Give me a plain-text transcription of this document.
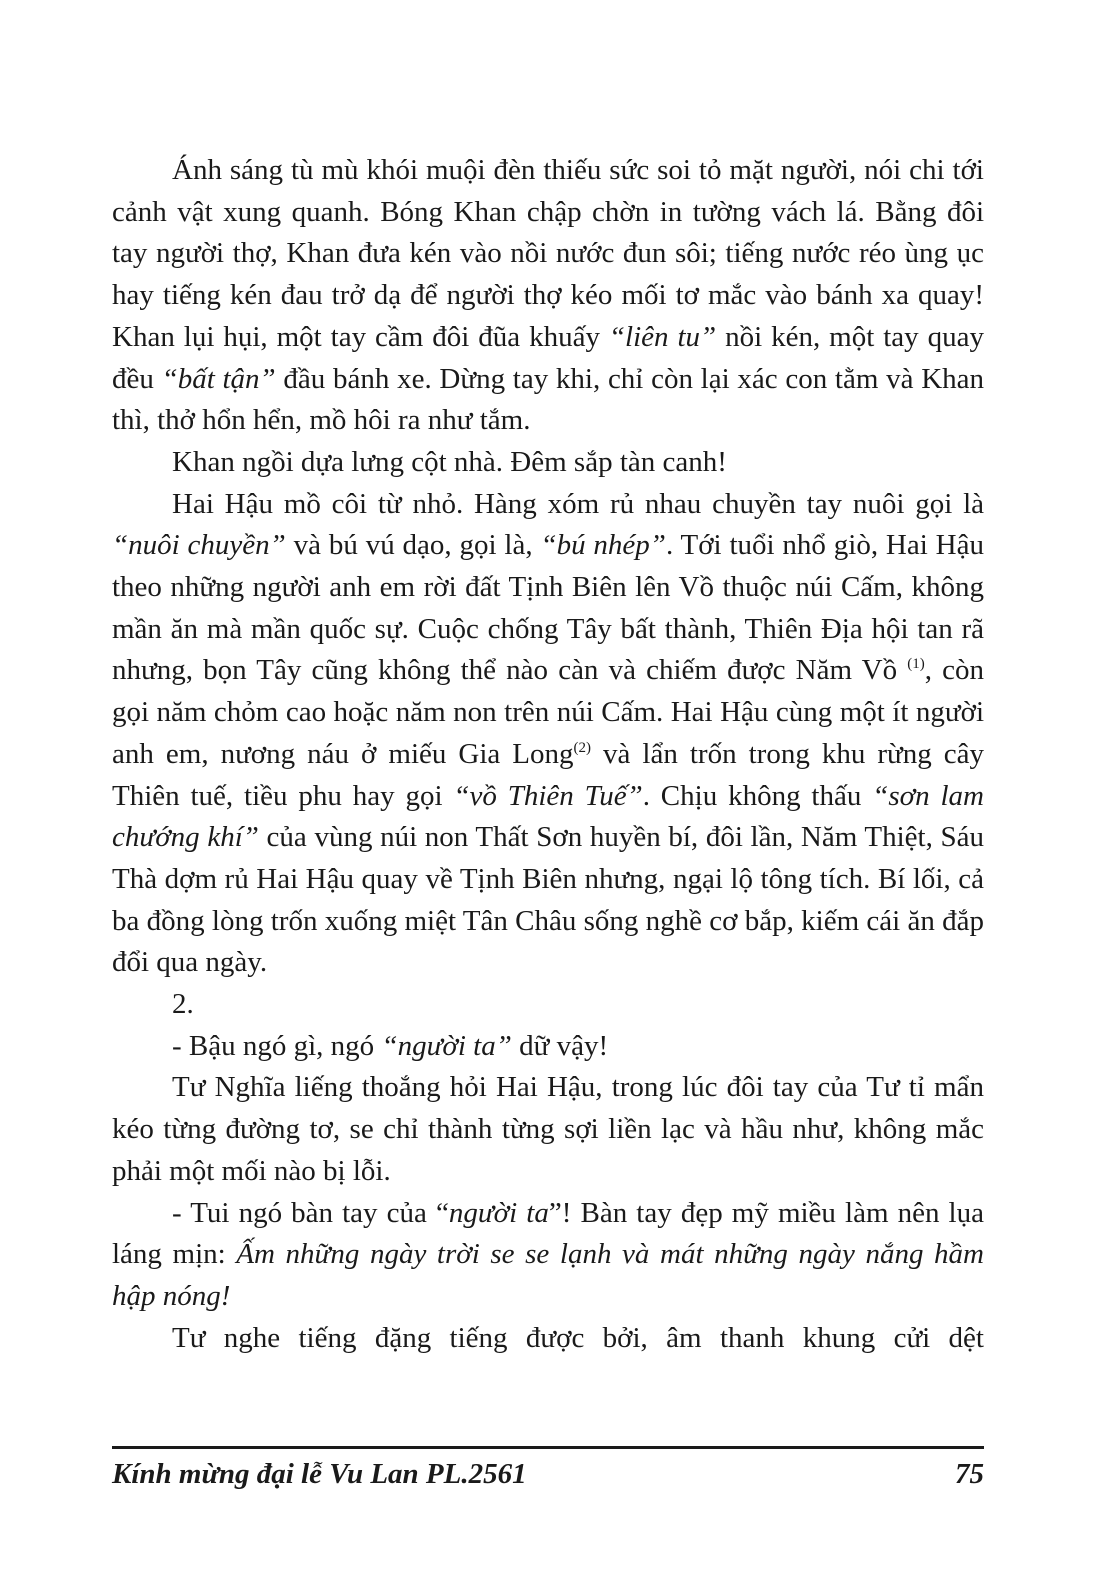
Ánh sáng tù mù khói muội đèn thiếu sức soi tỏ mặt người, nói chi tới cảnh vật xung quanh. Bóng Khan chập chờn in tường vách lá. Bằng đôi tay người thợ, Khan đưa kén vào nồi nước đun sôi; tiếng nước réo ùng ục hay tiếng kén đau trở dạ để người thợ kéo mối tơ mắc vào bánh xa quay! Khan lụi hụi, một tay cầm đôi đũa khuấy “liên tu” nồi kén, một tay quay đều “bất tận” đầu bánh xe. Dừng tay khi, chỉ còn lại xác con tằm và Khan thì, thở hổn hển, mồ hôi ra như tắm.

Khan ngồi dựa lưng cột nhà. Đêm sắp tàn canh!

Hai Hậu mồ côi từ nhỏ. Hàng xóm rủ nhau chuyền tay nuôi gọi là “nuôi chuyền” và bú vú dạo, gọi là, “bú nhép”. Tới tuổi nhổ giò, Hai Hậu theo những người anh em rời đất Tịnh Biên lên Vồ thuộc núi Cấm, không mần ăn mà mần quốc sự. Cuộc chống Tây bất thành, Thiên Địa hội tan rã nhưng, bọn Tây cũng không thể nào càn và chiếm được Năm Vồ $^{(1)}$, còn gọi năm chỏm cao hoặc năm non trên núi Cấm. Hai Hậu cùng một ít người anh em, nương náu ở miếu Gia Long$^{(2)}$ và lẩn trốn trong khu rừng cây Thiên tuế, tiều phu hay gọi “vồ Thiên Tuế”. Chịu không thấu “sơn lam chướng khí” của vùng núi non Thất Sơn huyền bí, đôi lần, Năm Thiệt, Sáu Thà dợm rủ Hai Hậu quay về Tịnh Biên nhưng, ngại lộ tông tích. Bí lối, cả ba đồng lòng trốn xuống miệt Tân Châu sống nghề cơ bắp, kiếm cái ăn đắp đổi qua ngày.

2.

- Bậu ngó gì, ngó “người ta” dữ vậy!

Tư Nghĩa liếng thoắng hỏi Hai Hậu, trong lúc đôi tay của Tư tỉ mẩn kéo từng đường tơ, se chỉ thành từng sợi liền lạc và hầu như, không mắc phải một mối nào bị lỗi.

- Tui ngó bàn tay của “người ta”! Bàn tay đẹp mỹ miều làm nên lụa láng mịn: Ấm những ngày trời se se lạnh và mát những ngày nắng hầm hập nóng!

Tư nghe tiếng đặng tiếng được bởi, âm thanh khung cửi dệt

Kính mừng đại lễ Vu Lan PL.2561	75
